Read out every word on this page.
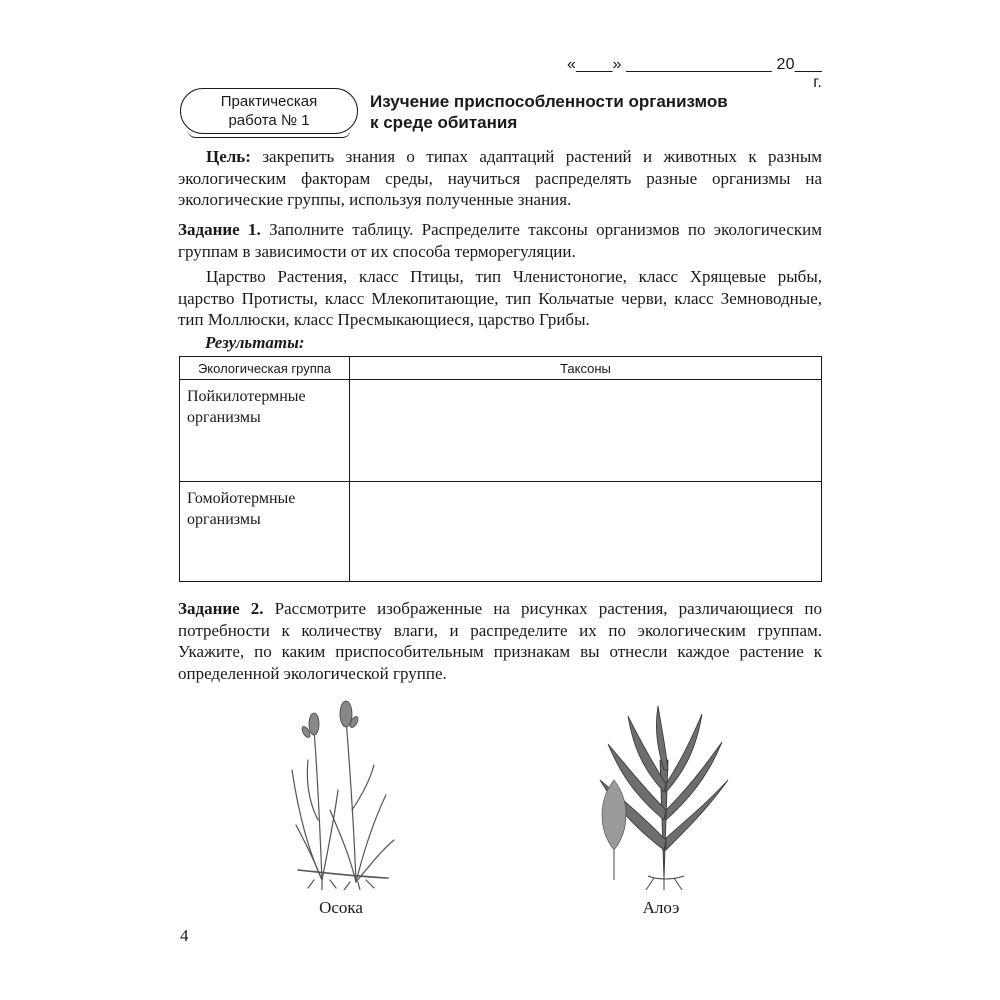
«____» ________________ 20___ г.
Практическая
работа № 1
Изучение приспособленности организмов
к среде обитания
Цель: закрепить знания о типах адаптаций растений и животных к разным экологическим факторам среды, научиться распределять разные организмы на экологические группы, используя полученные знания.
Задание 1. Заполните таблицу. Распределите таксоны организмов по экологическим группам в зависимости от их способа терморегуляции.
Царство Растения, класс Птицы, тип Членистоногие, класс Хрящевые рыбы, царство Протисты, класс Млекопитающие, тип Кольчатые черви, класс Земноводные, тип Моллюски, класс Пресмыкающиеся, царство Грибы.
Результаты:
Экологическая группа	Таксоны
Пойкилотермные организмы	
Гомойотермные организмы	
Задание 2. Рассмотрите изображенные на рисунках растения, различающиеся по потребности к количеству влаги, и распределите их по экологическим группам. Укажите, по каким приспособительным признакам вы отнесли каждое растение к определенной экологической группе.
Осока	Алоэ
4
